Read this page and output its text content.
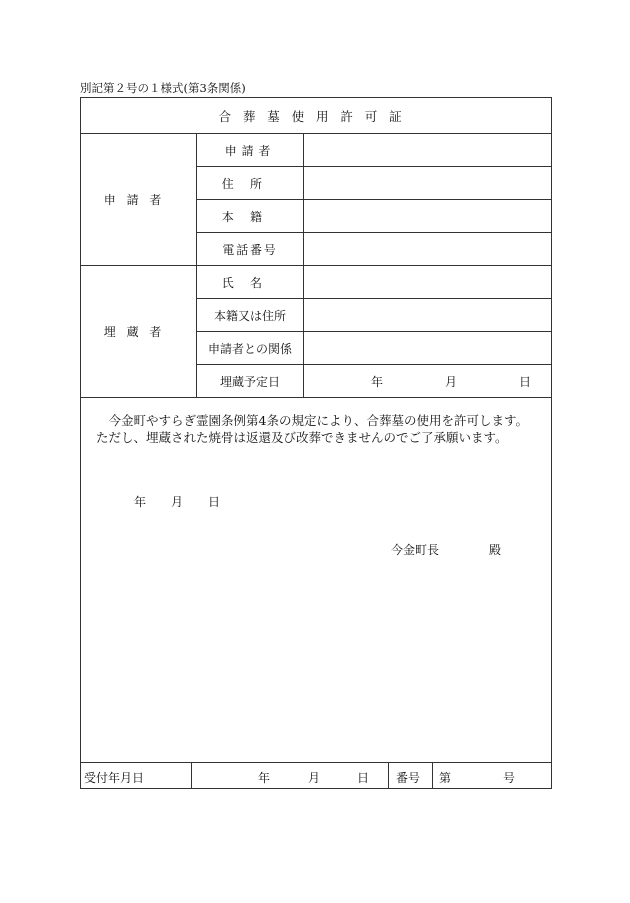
別記第２号の１様式(第3条関係)
合葬墓使用許可証
申請者
申請者
住所
本籍
電話番号
埋蔵者
氏名
本籍又は住所
申請者との関係
埋蔵予定日	年	月	日
今金町やすらぎ霊園条例第4条の規定により、合葬墓の使用を許可します。
ただし、埋蔵された焼骨は返還及び改葬できませんのでご了承願います。
年 月 日
今金町長	殿
受付年月日	年	月	日 番号 第	号
